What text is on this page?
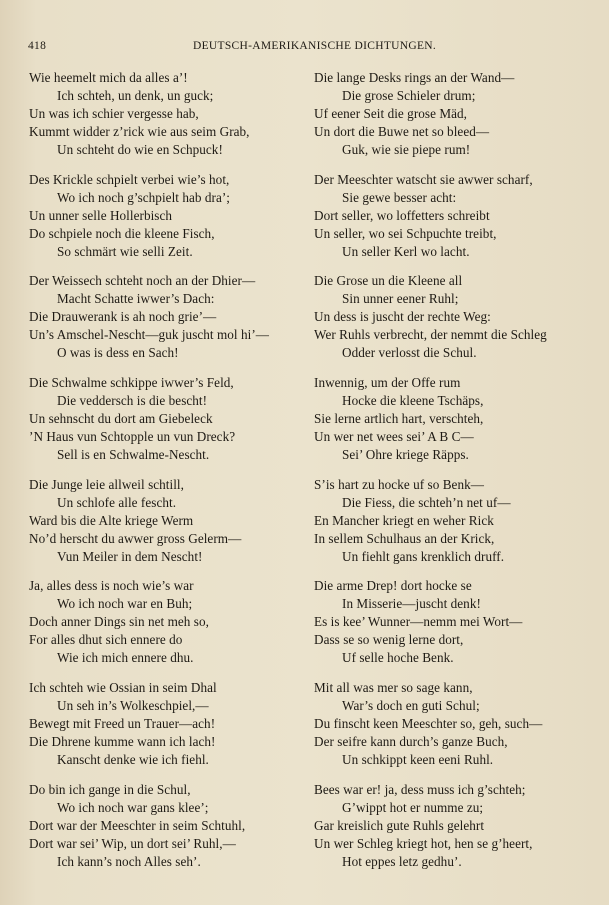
418	DEUTSCH-AMERIKANISCHE DICHTUNGEN.
Wie heemelt mich da alles a’!
Ich schteh, un denk, un guck;
Un was ich schier vergesse hab,
Kummt widder z’rick wie aus seim Grab,
Un schteht do wie en Schpuck!
Des Krickle schpielt verbei wie’s hot,
Wo ich noch g’schpielt hab dra’;
Un unner selle Hollerbisch
Do schpiele noch die kleene Fisch,
So schmärt wie selli Zeit.
Der Weissech schteht noch an der Dhier—
Macht Schatte iwwer’s Dach:
Die Drauwerank is ah noch grie’—
Un’s Amschel-Nescht—guk juscht mol hi’—
O was is dess en Sach!
Die Schwalme schkippe iwwer’s Feld,
Die veddersch is die bescht!
Un sehnscht du dort am Giebeleck
’N Haus vun Schtopple un vun Dreck?
Sell is en Schwalme-Nescht.
Die Junge leie allweil schtill,
Un schlofe alle fescht.
Ward bis die Alte kriege Werm
No’d herscht du awwer gross Gelerm—
Vun Meiler in dem Nescht!
Ja, alles dess is noch wie’s war
Wo ich noch war en Buh;
Doch anner Dings sin net meh so,
For alles dhut sich ennere do
Wie ich mich ennere dhu.
Ich schteh wie Ossian in seim Dhal
Un seh in’s Wolkeschpiel,—
Bewegt mit Freed un Trauer—ach!
Die Dhrene kumme wann ich lach!
Kanscht denke wie ich fiehl.
Do bin ich gange in die Schul,
Wo ich noch war gans klee’;
Dort war der Meeschter in seim Schtuhl,
Dort war sei’ Wip, un dort sei’ Ruhl,—
Ich kann’s noch Alles seh’.
Die lange Desks rings an der Wand—
Die grose Schieler drum;
Uf eener Seit die grose Mäd,
Un dort die Buwe net so bleed—
Guk, wie sie piepe rum!
Der Meeschter watscht sie awwer scharf,
Sie gewe besser acht:
Dort seller, wo loffetters schreibt
Un seller, wo sei Schpuchte treibt,
Un seller Kerl wo lacht.
Die Grose un die Kleene all
Sin unner eener Ruhl;
Un dess is juscht der rechte Weg:
Wer Ruhls verbrecht, der nemmt die Schleg
Odder verlosst die Schul.
Inwennig, um der Offe rum
Hocke die kleene Tschäps,
Sie lerne artlich hart, verschteh,
Un wer net wees sei’ A B C—
Sei’ Ohre kriege Räpps.
S’is hart zu hocke uf so Benk—
Die Fiess, die schteh’n net uf—
En Mancher kriegt en weher Rick
In sellem Schulhaus an der Krick,
Un fiehlt gans krenklich druff.
Die arme Drep! dort hocke se
In Misserie—juscht denk!
Es is kee’ Wunner—nemm mei Wort—
Dass se so wenig lerne dort,
Uf selle hoche Benk.
Mit all was mer so sage kann,
War’s doch en guti Schul;
Du finscht keen Meeschter so, geh, such—
Der seifre kann durch’s ganze Buch,
Un schkippt keen eeni Ruhl.
Bees war er! ja, dess muss ich g’schteh;
G’wippt hot er numme zu;
Gar kreislich gute Ruhls gelehrt
Un wer Schleg kriegt hot, hen se g’heert,
Hot eppes letz gedhu’.
